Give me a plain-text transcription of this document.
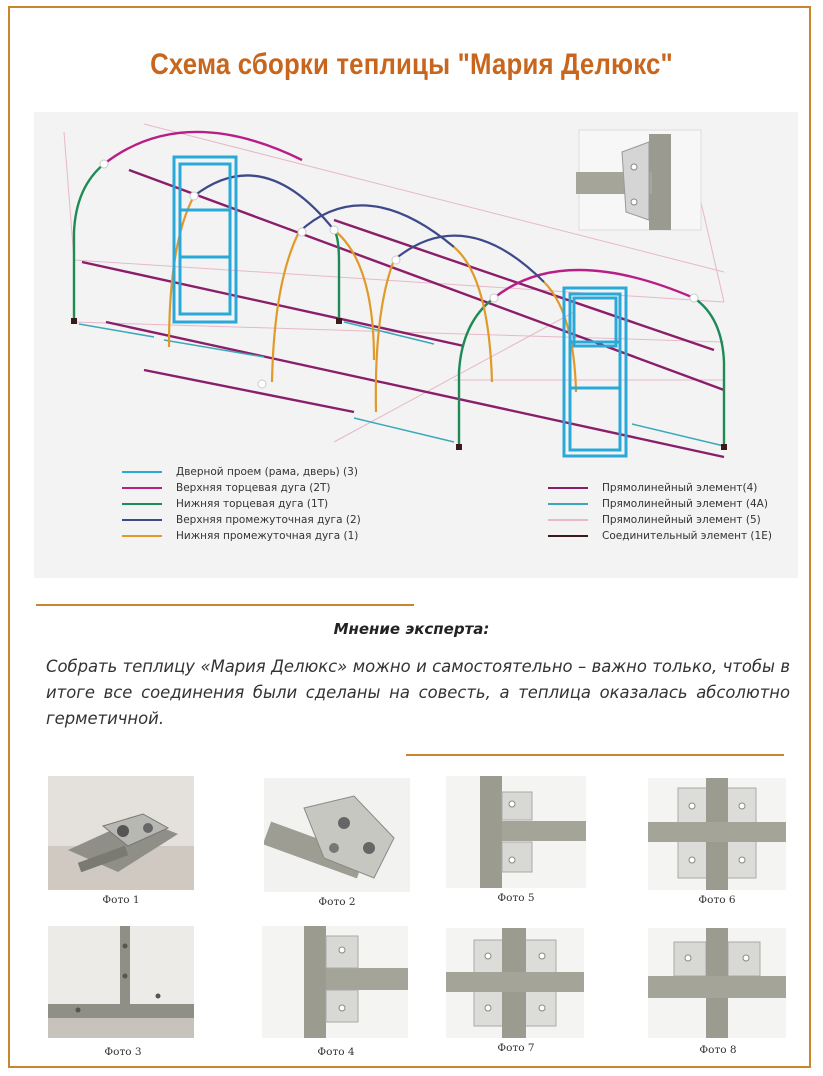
Схема сборки теплицы "Мария Делюкс"
Дверной проем (рама, дверь) (3)
Верхняя торцевая дуга (2Т)
Нижняя торцевая дуга (1Т)
Верхняя промежуточная дуга (2)
Нижняя промежуточная дуга (1)
Прямолинейный элемент(4)
Прямолинейный элемент (4А)
Прямолинейный элемент (5)
Соединительный элемент (1Е)
Мнение эксперта:
Собрать теплицу «Мария Делюкс» можно и самостоятельно – важно только, чтобы в итоге все соединения были сделаны на совесть, а теплица оказалась абсолютно герметичной.
Фото 1	Фото 2	Фото 5	Фото 6
Фото 3	Фото 4	Фото 7	Фото 8
